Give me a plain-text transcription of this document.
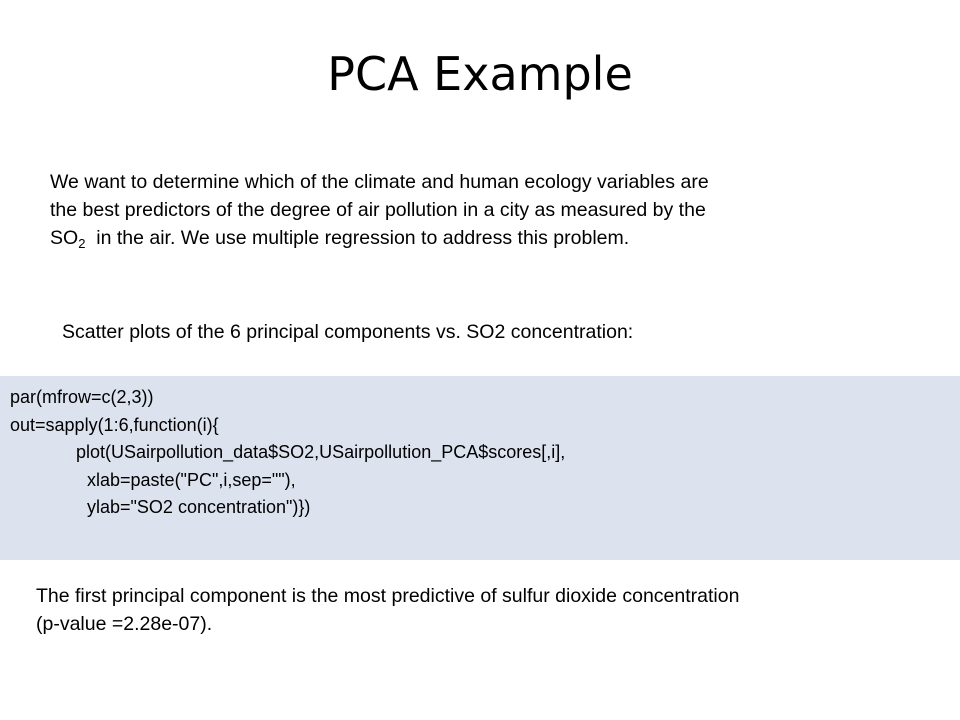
PCA Example
We want to determine which of the climate and human ecology variables are
the best predictors of the degree of air pollution in a city as measured by the
$SO_2$  in the air. We use multiple regression to address this problem.
Scatter plots of the 6 principal components vs. SO2 concentration:
par(mfrow=c(2,3))
out=sapply(1:6,function(i){
plot(USairpollution_data$SO2,USairpollution_PCA$scores[,i],
xlab=paste("PC",i,sep=""),
ylab="SO2 concentration")})
The first principal component is the most predictive of sulfur dioxide concentration
(p-value =2.28e-07).
